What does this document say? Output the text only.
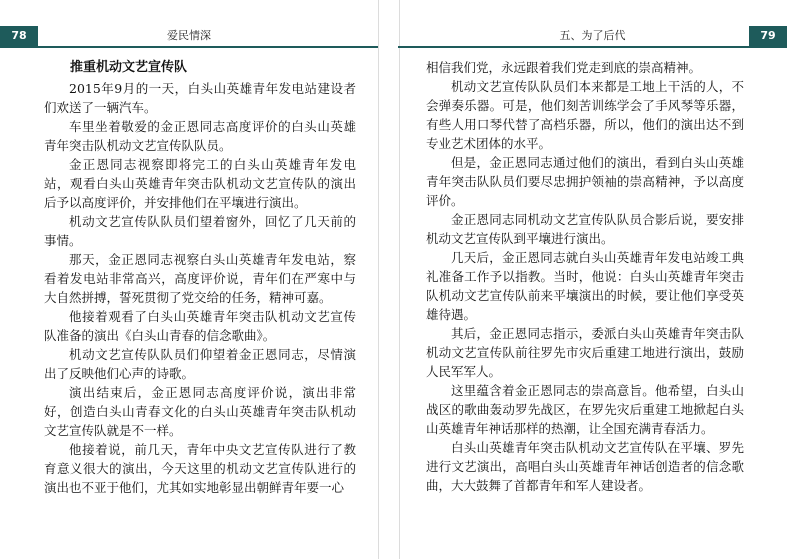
78	爱民情深
推重机动文艺宣传队

2015年9月的一天，白头山英雄青年发电站建设者们欢送了一辆汽车。

车里坐着敬爱的金正恩同志高度评价的白头山英雄青年突击队机动文艺宣传队队员。

金正恩同志视察即将完工的白头山英雄青年发电站，观看白头山英雄青年突击队机动文艺宣传队的演出后予以高度评价，并安排他们在平壤进行演出。

机动文艺宣传队队员们望着窗外，回忆了几天前的事情。

那天，金正恩同志视察白头山英雄青年发电站，察看着发电站非常高兴，高度评价说，青年们在严寒中与大自然拼搏，誓死贯彻了党交给的任务，精神可嘉。

他接着观看了白头山英雄青年突击队机动文艺宣传队准备的演出《白头山青春的信念歌曲》。

机动文艺宣传队队员们仰望着金正恩同志，尽情演出了反映他们心声的诗歌。

演出结束后，金正恩同志高度评价说，演出非常好，创造白头山青春文化的白头山英雄青年突击队机动文艺宣传队就是不一样。

他接着说，前几天，青年中央文艺宣传队进行了教育意义很大的演出，今天这里的机动文艺宣传队进行的演出也不亚于他们，尤其如实地彰显出朝鲜青年要一心

五、为了后代	79

相信我们党，永远跟着我们党走到底的崇高精神。

机动文艺宣传队队员们本来都是工地上干活的人，不会弹奏乐器。可是，他们刻苦训练学会了手风琴等乐器，有些人用口琴代替了高档乐器，所以，他们的演出达不到专业艺术团体的水平。

但是，金正恩同志通过他们的演出，看到白头山英雄青年突击队队员们要尽忠拥护领袖的崇高精神，予以高度评价。

金正恩同志同机动文艺宣传队队员合影后说，要安排机动文艺宣传队到平壤进行演出。

几天后，金正恩同志就白头山英雄青年发电站竣工典礼准备工作予以指教。当时，他说：白头山英雄青年突击队机动文艺宣传队前来平壤演出的时候，要让他们享受英雄待遇。

其后，金正恩同志指示，委派白头山英雄青年突击队机动文艺宣传队前往罗先市灾后重建工地进行演出，鼓励人民军军人。

这里蕴含着金正恩同志的崇高意旨。他希望，白头山战区的歌曲轰动罗先战区，在罗先灾后重建工地掀起白头山英雄青年神话那样的热潮，让全国充满青春活力。

白头山英雄青年突击队机动文艺宣传队在平壤、罗先进行文艺演出，高唱白头山英雄青年神话创造者的信念歌曲，大大鼓舞了首都青年和军人建设者。
